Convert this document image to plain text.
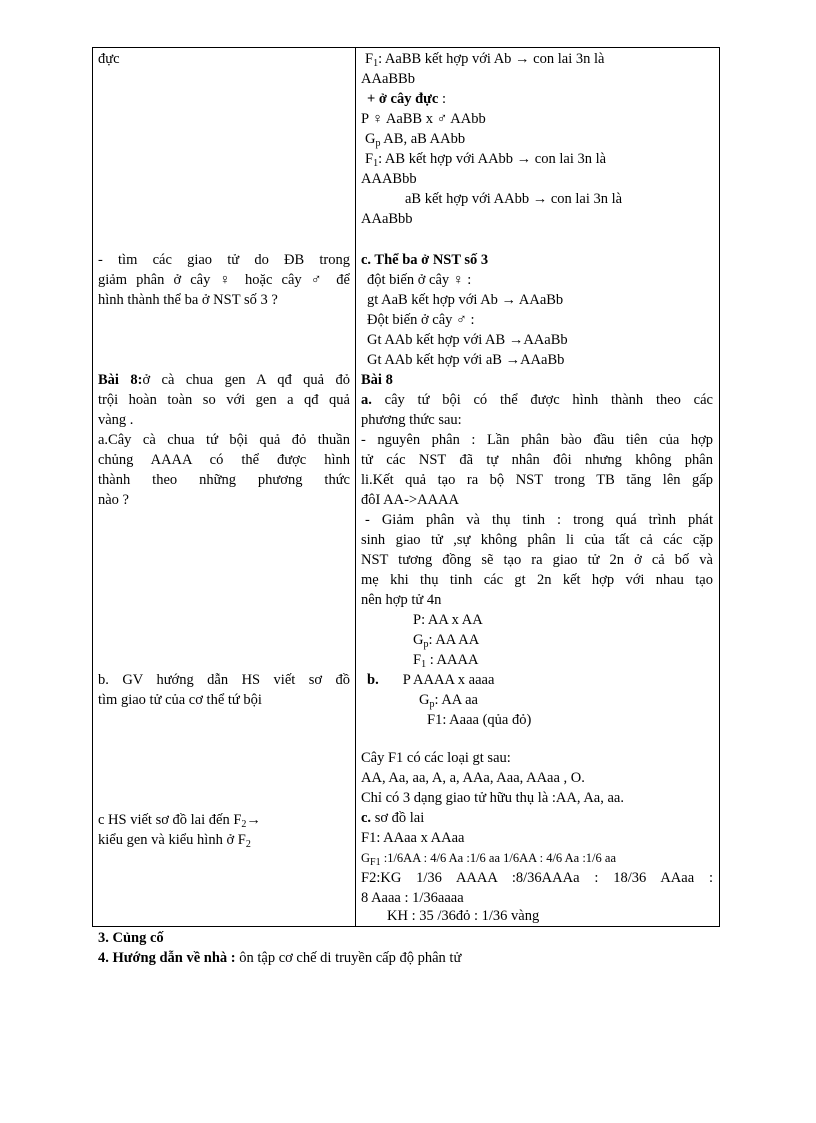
đực
- tìm các giao tử do ĐB trong
giảm phân ở cây ♀ hoặc cây ♂ để
hình thành thể ba ở NST số 3 ?
Bài 8:ở cà chua gen A qđ quả đỏ
trội hoàn toàn so với gen a qđ quả
vàng .
a.Cây cà chua tứ bội quả đỏ thuần
chủng AAAA có thể được hình
thành theo những phương thức
nào ?
b. GV hướng dẫn HS viết sơ đồ
tìm giao tử của cơ thể tứ bội
c HS viết sơ đồ lai đến $F_2\to$
kiểu gen và kiểu hình ở $F_2$
$F_1$: AaBB kết hợp với Ab → con lai 3n là
AAaBBb
+ ở cây đực :
P ♀ AaBB x ♂ AAbb
$G_p$ AB, aB AAbb
$F_1$: AB kết hợp với AAbb → con lai 3n là
AAABbb
aB kết hợp với AAbb → con lai 3n là
AAaBbb
c. Thể ba ở NST số 3
đột biến ở cây ♀ :
gt AaB kết hợp với Ab → AAaBb
Đột biến ở cây ♂ :
Gt AAb kết hợp với AB →AAaBb
Gt AAb kết hợp với aB →AAaBb
Bài 8
a. cây tứ bội có thể được hình thành theo các
phương thức sau:
- nguyên phân : Lần phân bào đầu tiên của hợp
tử các NST đã tự nhân đôi nhưng không phân
li.Kết quả tạo ra bộ NST trong TB tăng lên gấp
đôI AA->AAAA
- Giảm phân và thụ tinh : trong quá trình phát
sinh giao tử ,sự không phân li của tất cả các cặp
NST tương đồng sẽ tạo ra giao tử 2n ở cả bố và
mẹ khi thụ tinh các gt 2n kết hợp với nhau tạo
nên hợp tử 4n
P: AA x AA
$G_p$: AA AA
$F_1$ : AAAA
b. P AAAA x aaaa
$G_p$: AA aa
F1: Aaaa (qủa đỏ)
Cây F1 có các loại gt sau:
AA, Aa, aa, A, a, AAa, Aaa, AAaa , O.
Chỉ có 3 dạng giao tử hữu thụ là :AA, Aa, aa.
c. sơ đồ lai
F1: AAaa x AAaa
$G_{F1}$ :1/6AA : 4/6 Aa :1/6 aa 1/6AA : 4/6 Aa :1/6 aa
F2:KG 1/36 AAAA :8/36AAAa : 18/36 AAaa :
8 Aaaa : 1/36aaaa
KH : 35 /36đỏ : 1/36 vàng
3. Củng cố
4. Hướng dẫn về nhà : ôn tập cơ chế di truyền cấp độ phân tử
